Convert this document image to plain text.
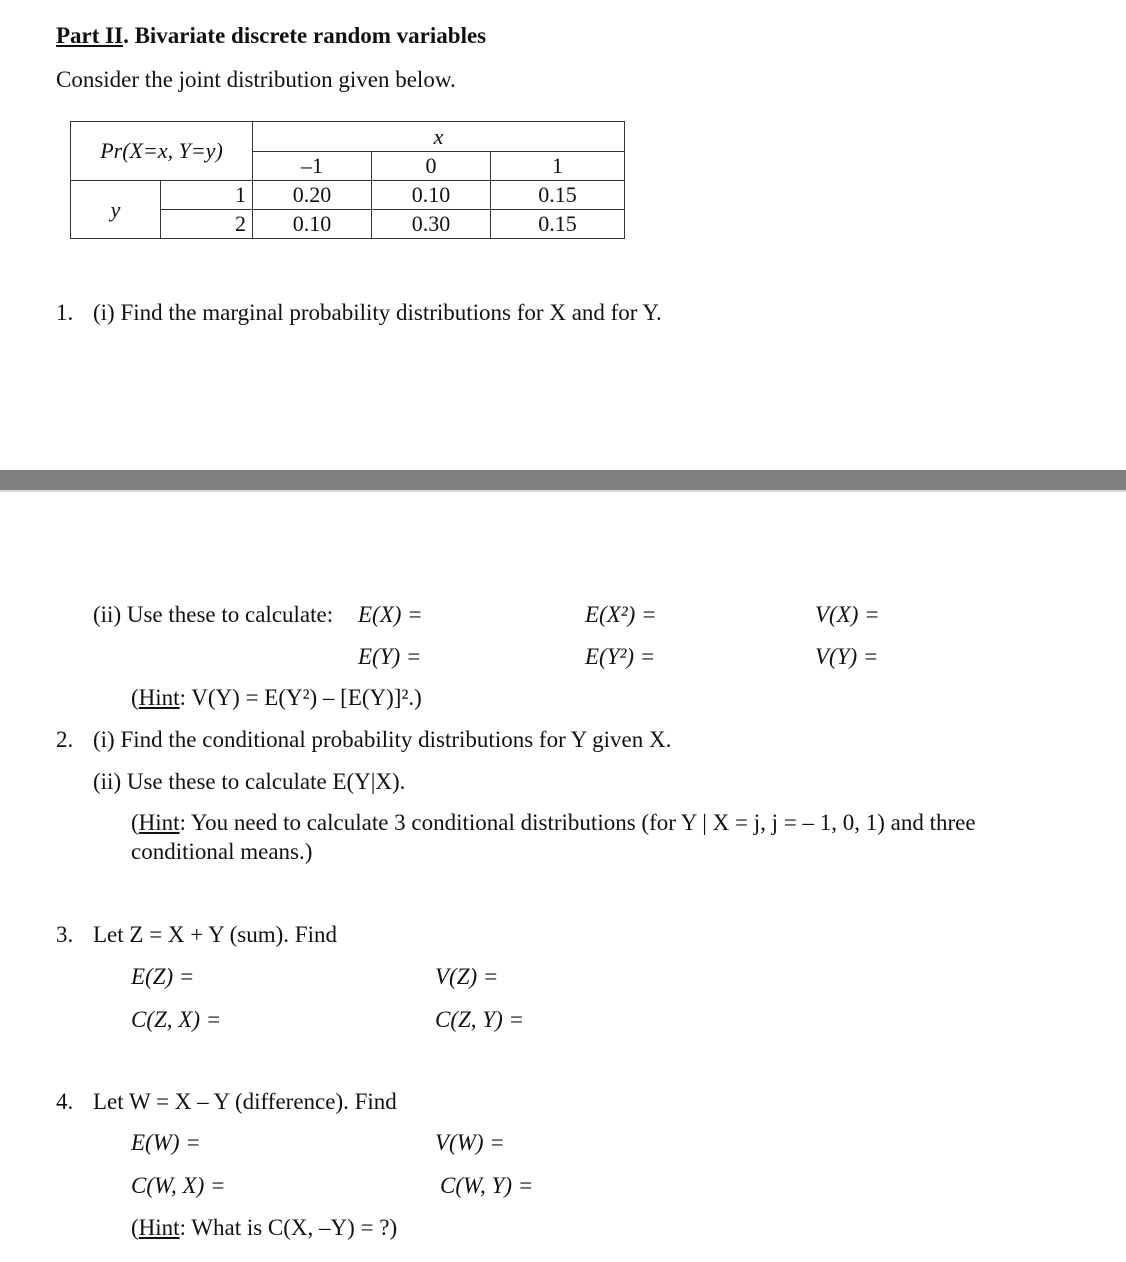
Part II. Bivariate discrete random variables
Consider the joint distribution given below.
Pr(X=x, Y=y)		x		
		–1	0	1
y	1	0.20	0.10	0.15
	2	0.10	0.30	0.15
1. (i) Find the marginal probability distributions for X and for Y.
(ii) Use these to calculate: E(X) =	E(X²) =	V(X) =
E(Y) =	E(Y²) =	V(Y) =
(Hint: V(Y) = E(Y²) – [E(Y)]².)
2. (i) Find the conditional probability distributions for Y given X.
(ii) Use these to calculate E(Y|X).
(Hint: You need to calculate 3 conditional distributions (for Y | X = j, j = – 1, 0, 1) and three
conditional means.)
3. Let Z = X + Y (sum). Find
E(Z) =	V(Z) =
C(Z, X) =	C(Z, Y) =
4. Let W = X – Y (difference). Find
E(W) =	V(W) =
C(W, X) =	C(W, Y) =
(Hint: What is C(X, –Y) = ?)
